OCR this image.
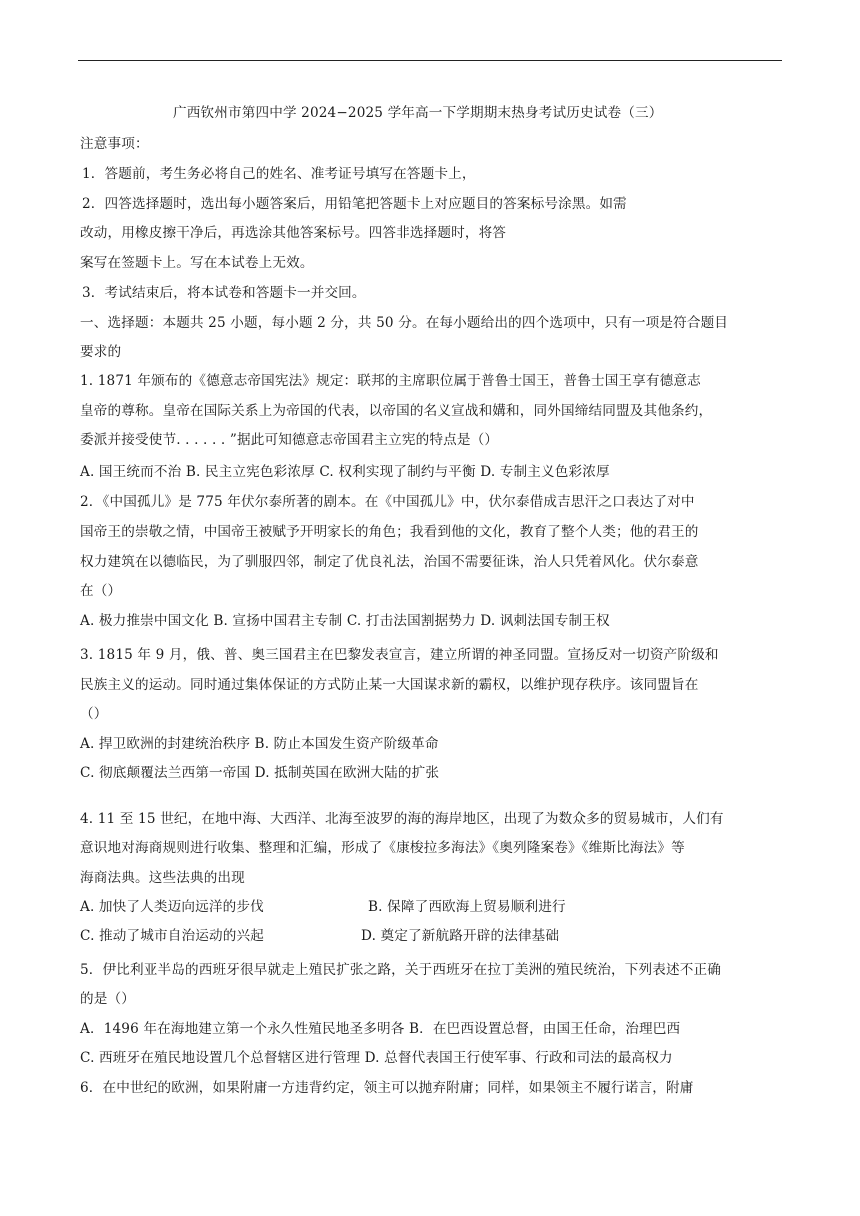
广西钦州市第四中学 2024−2025 学年高一下学期期末热身考试历史试卷（三）
注意事项：
1．答题前，考生务必将自己的姓名、准考证号填写在答题卡上，
2．四答选择题时，选出每小题答案后，用铅笔把答题卡上对应题目的答案标号涂黑。如需
改动，用橡皮擦干净后，再选涂其他答案标号。四答非选择题时，将答
案写在签题卡上。写在本试卷上无效。
3．考试结束后，将本试卷和答题卡一并交回。
一、选择题：本题共 25 小题，每小题 2 分，共 50 分。在每小题给出的四个选项中，只有一项是符合题目
要求的
1. 1871 年颁布的《德意志帝国宪法》规定：联邦的主席职位属于普鲁士国王，普鲁士国王享有德意志
皇帝的尊称。皇帝在国际关系上为帝国的代表，以帝国的名义宣战和媾和，同外国缔结同盟及其他条约，
委派并接受使节. . . . . . ”据此可知德意志帝国君主立宪的特点是（）
A. 国王统而不治 B. 民主立宪色彩浓厚 C. 权利实现了制约与平衡 D. 专制主义色彩浓厚
2．《中国孤儿》是 775 年伏尔泰所著的剧本。在《中国孤儿》中，伏尔泰借成吉思汗之口表达了对中
国帝王的崇敬之情，中国帝王被赋予开明家长的角色；我看到他的文化，教育了整个人类；他的君王的
权力建筑在以德临民，为了驯服四邻，制定了优良礼法，治国不需要征诛，治人只凭着风化。伏尔泰意
在（）
A. 极力推崇中国文化 B. 宣扬中国君主专制 C. 打击法国割据势力 D. 讽刺法国专制王权
3. 1815 年 9 月，俄、普、奥三国君主在巴黎发表宣言，建立所谓的神圣同盟。宣扬反对一切资产阶级和
民族主义的运动。同时通过集体保证的方式防止某一大国谋求新的霸权，以维护现存秩序。该同盟旨在
（）
A. 捍卫欧洲的封建统治秩序 B. 防止本国发生资产阶级革命
C. 彻底颠覆法兰西第一帝国 D. 抵制英国在欧洲大陆的扩张
4. 11 至 15 世纪，在地中海、大西洋、北海至波罗的海的海岸地区，出现了为数众多的贸易城市，人们有
意识地对海商规则进行收集、整理和汇编，形成了《康梭拉多海法》《奥列隆案卷》《维斯比海法》等
海商法典。这些法典的出现
A. 加快了人类迈向远洋的步伐	B. 保障了西欧海上贸易顺利进行
C. 推动了城市自治运动的兴起	D. 奠定了新航路开辟的法律基础
5．伊比利亚半岛的西班牙很早就走上殖民扩张之路，关于西班牙在拉丁美洲的殖民统治，下列表述不正确
的是（）
A．1496 年在海地建立第一个永久性殖民地圣多明各 B．在巴西设置总督，由国王任命，治理巴西
C. 西班牙在殖民地设置几个总督辖区进行管理 D. 总督代表国王行使军事、行政和司法的最高权力
6．在中世纪的欧洲，如果附庸一方违背约定，领主可以抛弃附庸；同样，如果领主不履行诺言，附庸
